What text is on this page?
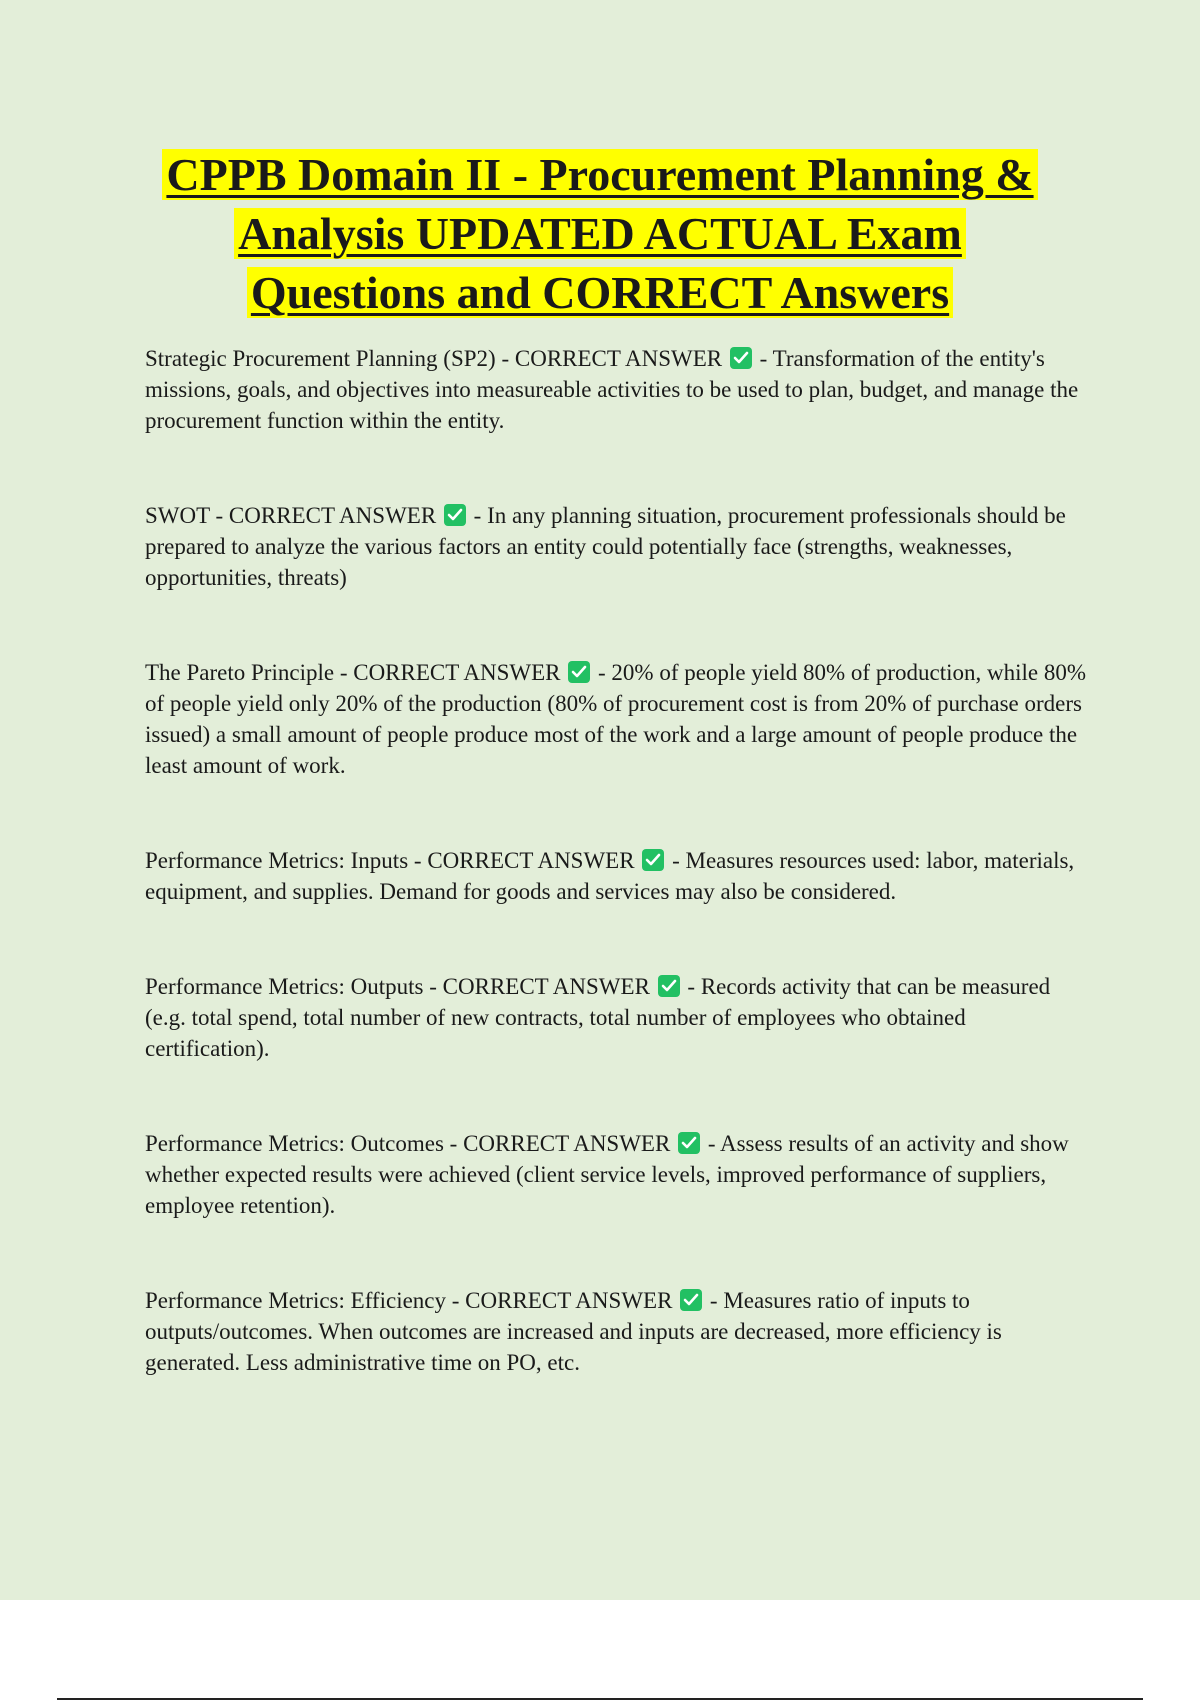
CPPB Domain II - Procurement Planning &
Analysis UPDATED ACTUAL Exam
Questions and CORRECT Answers

Strategic Procurement Planning (SP2) - CORRECT ANSWER
- Transformation of the entity's missions, goals, and objectives into measureable activities to be used to plan, budget, and manage the procurement function within the entity.

SWOT - CORRECT ANSWER
- In any planning situation, procurement professionals should be prepared to analyze the various factors an entity could potentially face (strengths, weaknesses, opportunities, threats)

The Pareto Principle - CORRECT ANSWER
- 20% of people yield 80% of production, while 80% of people yield only 20% of the production (80% of procurement cost is from 20% of purchase orders issued) a small amount of people produce most of the work and a large amount of people produce the least amount of work.

Performance Metrics: Inputs - CORRECT ANSWER
- Measures resources used: labor, materials, equipment, and supplies. Demand for goods and services may also be considered.

Performance Metrics: Outputs - CORRECT ANSWER
- Records activity that can be measured (e.g. total spend, total number of new contracts, total number of employees who obtained certification).

Performance Metrics: Outcomes - CORRECT ANSWER
- Assess results of an activity and show whether expected results were achieved (client service levels, improved performance of suppliers, employee retention).

Performance Metrics: Efficiency - CORRECT ANSWER
- Measures ratio of inputs to outputs/outcomes. When outcomes are increased and inputs are decreased, more efficiency is generated. Less administrative time on PO, etc.
